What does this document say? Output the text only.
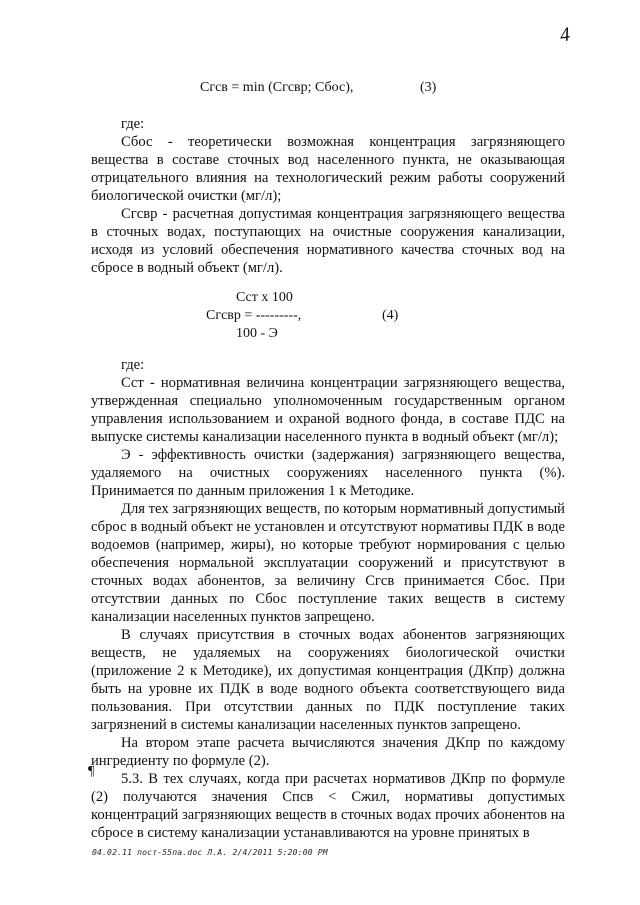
4
Сгсв = min (Сгсвр; Сбос),	(3)

где:

Сбос - теоретически возможная концентрация загрязняющего вещества в составе сточных вод населенного пункта, не оказывающая отрицательного влияния на технологический режим работы сооружений биологической очистки (мг/л);

Сгсвр - расчетная допустимая концентрация загрязняющего вещества в сточных водах, поступающих на очистные сооружения канализации, исходя из условий обеспечения нормативного качества сточных вод на сбросе в водный объект (мг/л).

Сст x 100
Сгсвр = ---------,
100 - Э
(4)

где:

Сст - нормативная величина концентрации загрязняющего вещества, утвержденная специально уполномоченным государственным органом управления использованием и охраной водного фонда, в составе ПДС на выпуске системы канализации населенного пункта в водный объект (мг/л);

Э - эффективность очистки (задержания) загрязняющего вещества, удаляемого на очистных сооружениях населенного пункта (%). Принимается по данным приложения 1 к Методике.

Для тех загрязняющих веществ, по которым нормативный допустимый сброс в водный объект не установлен и отсутствуют нормативы ПДК в воде водоемов (например, жиры), но которые требуют нормирования с целью обеспечения нормальной эксплуатации сооружений и присутствуют в сточных водах абонентов, за величину Сгсв принимается Сбос. При отсутствии данных по Сбос поступление таких веществ в систему канализации населенных пунктов запрещено.

В случаях присутствия в сточных водах абонентов загрязняющих веществ, не удаляемых на сооружениях биологической очистки (приложение 2 к Методике), их допустимая концентрация (ДКпр) должна быть на уровне их ПДК в воде водного объекта соответствующего вида пользования. При отсутствии данных по ПДК поступление таких загрязнений в системы канализации населенных пунктов запрещено.

На втором этапе расчета вычисляются значения ДКпр по каждому ингредиенту по формуле (2).

5.3. В тех случаях, когда при расчетах нормативов ДКпр по формуле (2) получаются значения Спсв < Сжил, нормативы допустимых концентраций загрязняющих веществ в сточных водах прочих абонентов на сбросе в систему канализации устанавливаются на уровне принятых в

¶
04.02.11 пост-55па.doc Л.А. 2/4/2011 5:20:00 PM
